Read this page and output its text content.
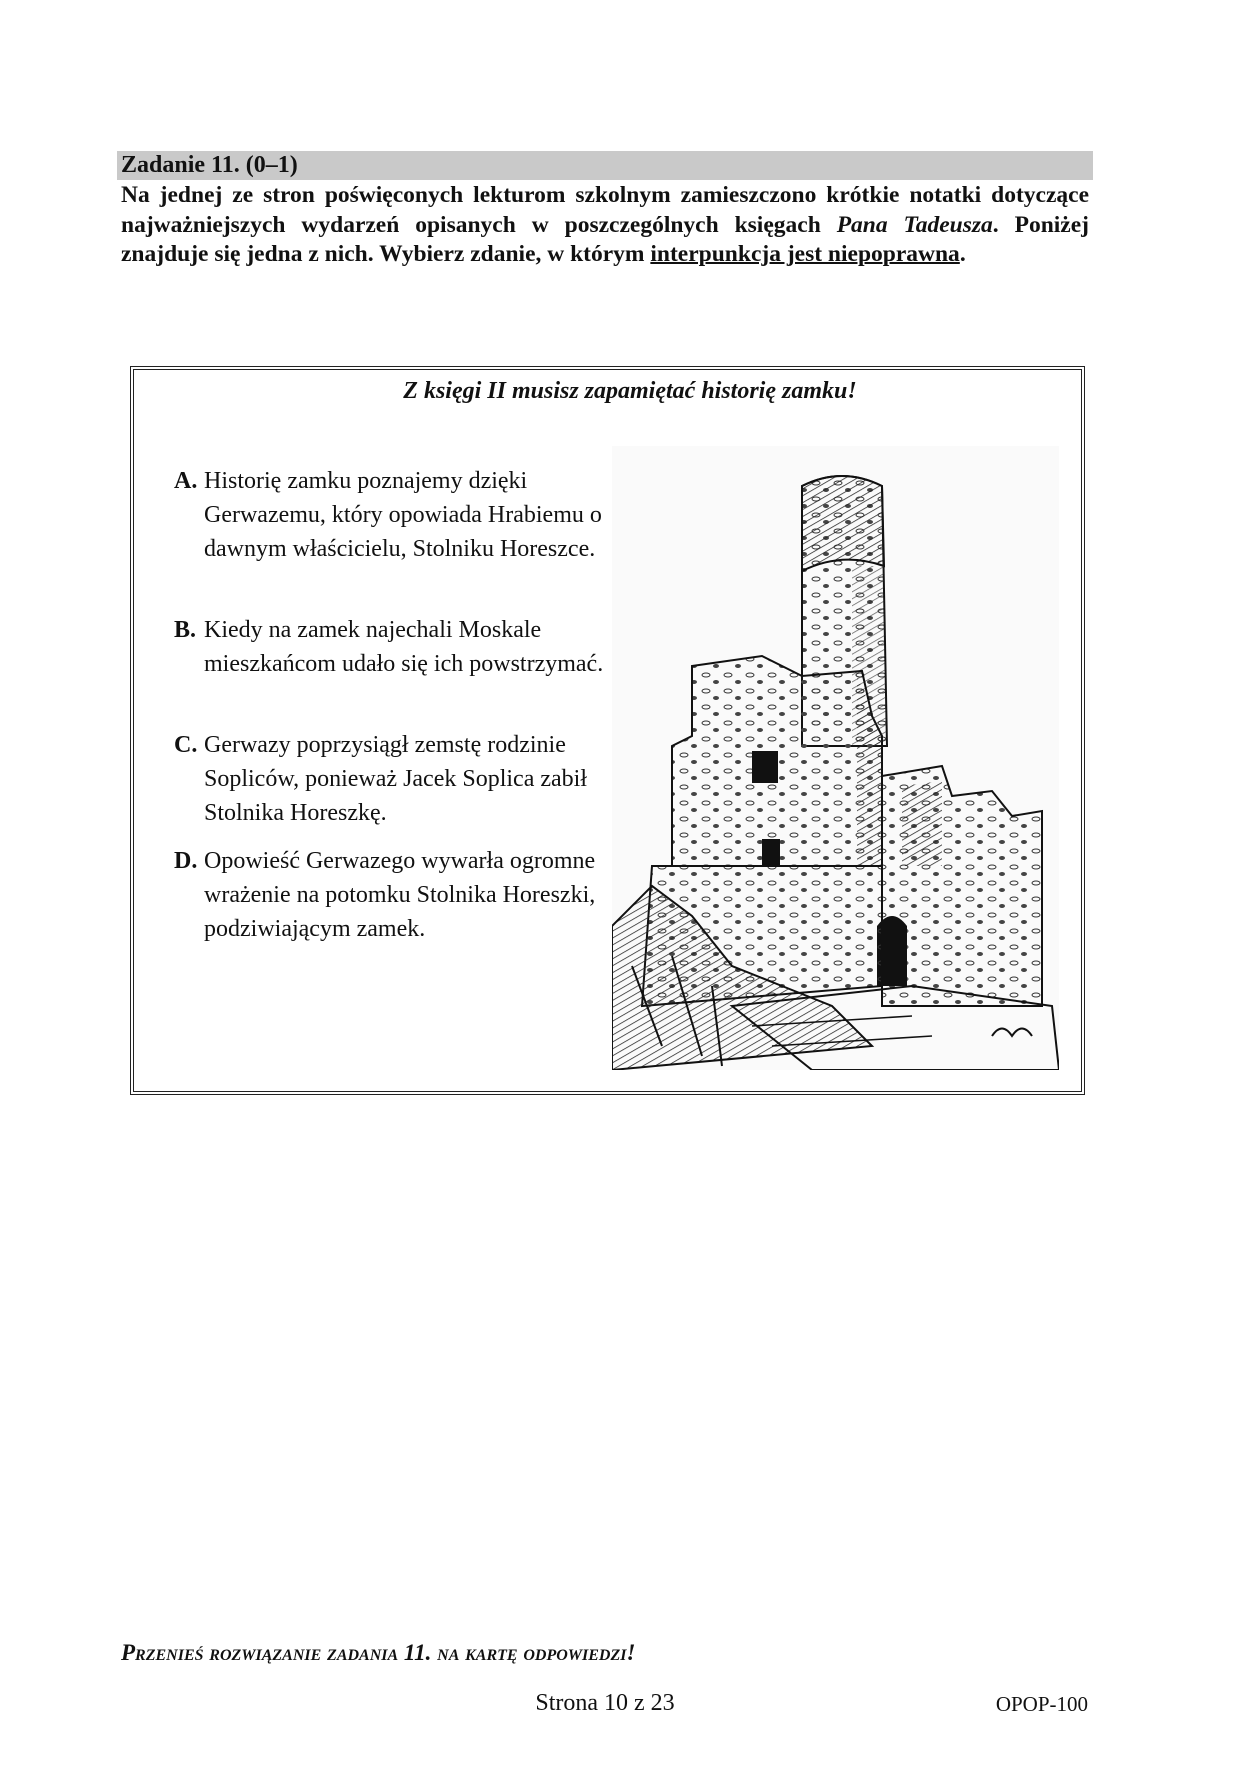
Zadanie 11. (0–1)
Na jednej ze stron poświęconych lekturom szkolnym zamieszczono krótkie notatki dotyczące najważniejszych wydarzeń opisanych w poszczególnych księgach Pana Tadeusza. Poniżej znajduje się jedna z nich. Wybierz zdanie, w którym interpunkcja jest niepoprawna.
Z księgi II musisz zapamiętać historię zamku!
A. Historię zamku poznajemy dzięki Gerwazemu, który opowiada Hrabiemu o dawnym właścicielu, Stolniku Horeszce.
B. Kiedy na zamek najechali Moskale mieszkańcom udało się ich powstrzymać.
C. Gerwazy poprzysiągł zemstę rodzinie Sopliców, ponieważ Jacek Soplica zabił Stolnika Horeszkę.
D. Opowieść Gerwazego wywarła ogromne wrażenie na potomku Stolnika Horeszki, podziwiającym zamek.
Przenieś rozwiązanie zadania 11. na kartę odpowiedzi!
Strona 10 z 23	OPOP-100
